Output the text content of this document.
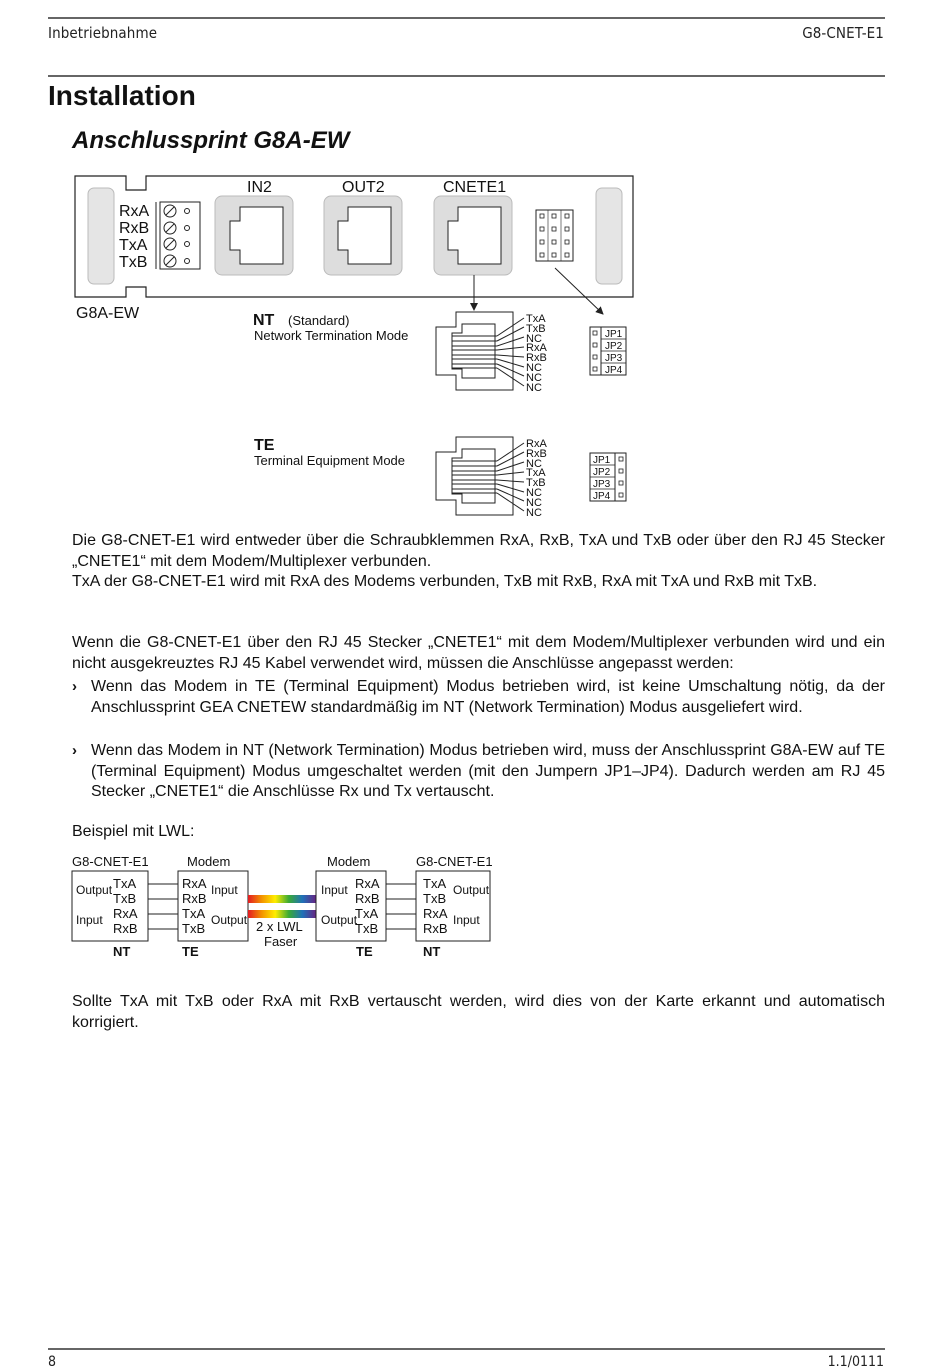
Inbetriebnahme	G8-CNET-E1
Installation
Anschlussprint G8A-EW
RxA
RxB
TxA
TxB
IN2	OUT2	CNETE1
G8A-EW	NT (Standard)
Network Termination Mode
TxA
TxB
NC
RxA
RxB
NC
NC
NC
JP1
JP2
JP3
JP4
TE
Terminal Equipment Mode
RxA
RxB
NC
TxA
TxB
NC
NC
NC
JP1
JP2
JP3
JP4
Die G8-CNET-E1 wird entweder über die Schraubklemmen RxA, RxB, TxA und TxB oder über den RJ 45 Stecker „CNETE1“ mit dem Modem/Multiplexer verbunden.
TxA der G8-CNET-E1 wird mit RxA des Modems verbunden, TxB mit RxB, RxA mit TxA und RxB mit TxB.
Wenn die G8-CNET-E1 über den RJ 45 Stecker „CNETE1“ mit dem Modem/Multiplexer verbunden wird und ein nicht ausgekreuztes RJ 45 Kabel verwendet wird, müssen die Anschlüsse angepasst werden:
› Wenn das Modem in TE (Terminal Equipment) Modus betrieben wird, ist keine Umschaltung nötig, da der Anschlussprint GEA CNETEW standardmäßig im NT (Network Termination) Modus ausgeliefert wird.
› Wenn das Modem in NT (Network Termination) Modus betrieben wird, muss der Anschlussprint G8A-EW auf TE (Terminal Equipment) Modus umgeschaltet werden (mit den Jumpern JP1–JP4). Dadurch werden am RJ 45 Stecker „CNETE1“ die Anschlüsse Rx und Tx vertauscht.
Beispiel mit LWL:
G8-CNET-E1
Output
Input
TxA
TxB
RxA
RxB
NT
Modem
RxA
RxB
TxA
TxB
Input
Output
TE
2 x LWL
Faser
Modem
Input
Output
RxA
RxB
TxA
TxB
TE
G8-CNET-E1
TxA
TxB
RxA
RxB
Output
Input
NT
Sollte TxA mit TxB oder RxA mit RxB vertauscht werden, wird dies von der Karte erkannt und automatisch korrigiert.
8	1.1/0111
